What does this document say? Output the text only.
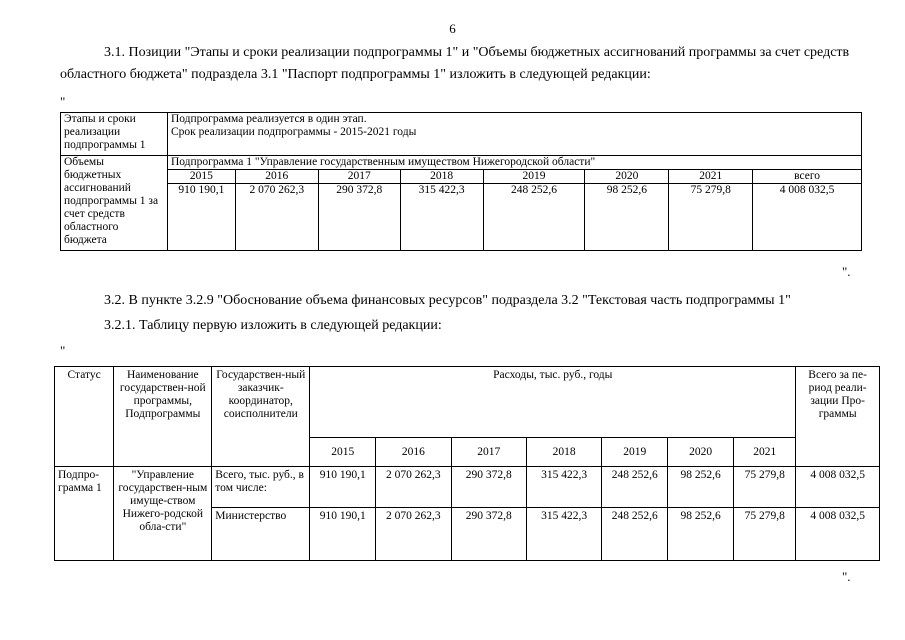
6
3.1. Позиции "Этапы и сроки реализации подпрограммы 1" и "Объемы бюджетных ассигнований программы за счет средств областного бюджета" подраздела 3.1 "Паспорт подпрограммы 1" изложить в следующей редакции:
"
Этапы и сроки реализации подпрограммы 1	Подпрограмма реализуется в один этап.
Срок реализации подпрограммы - 2015-2021 годы							

Объемы бюджетных ассигнований подпрограммы 1 за счет средств областного бюджета	Подпрограмма 1 "Управление государственным имуществом Нижегородской области"							
	2015	2016	2017	2018	2019	2020	2021	всего
	910 190,1	2 070 262,3	290 372,8	315 422,3	248 252,6	98 252,6	75 279,8	4 008 032,5
".
3.2. В пункте 3.2.9 "Обоснование объема финансовых ресурсов" подраздела 3.2 "Текстовая часть подпрограммы 1"
3.2.1. Таблицу первую изложить в следующей редакции:
"
Статус	Наименование государствен-ной программы, Подпрограммы	Государствен-ный заказчик-координатор, соисполнители	Расходы, тыс. руб., годы							Всего за пе-риод реали-зации Про-граммы
			2015	2016	2017	2018	2019	2020	2021	
Подпро-грамма 1	"Управление государствен-ным имуще-ством Нижего-родской обла-сти"	Всего, тыс. руб., в том числе:	910 190,1	2 070 262,3	290 372,8	315 422,3	248 252,6	98 252,6	75 279,8	4 008 032,5
		Министерство	910 190,1	2 070 262,3	290 372,8	315 422,3	248 252,6	98 252,6	75 279,8	4 008 032,5
".
